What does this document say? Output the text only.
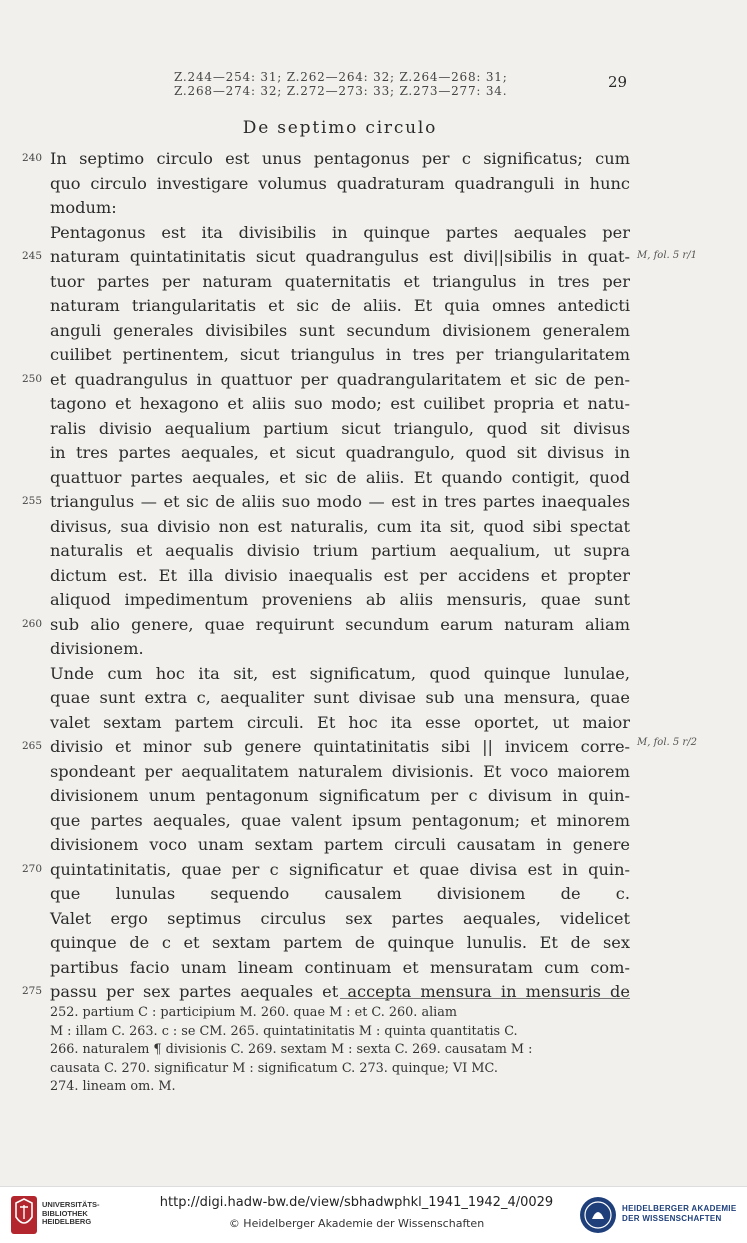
Z.244—254: 31; Z.262—264: 32; Z.264—268: 31;
Z.268—274: 32; Z.272—273: 33; Z.273—277: 34.	29
De septimo circulo
240 In septimo circulo est unus pentagonus per c significatus; cum
quo circulo investigare volumus quadraturam quadranguli in hunc
modum:
Pentagonus est ita divisibilis in quinque partes aequales per
245 naturam quintatinitatis sicut quadrangulus est divi||sibilis in quat-
tuor partes per naturam quaternitatis et triangulus in tres per
naturam triangularitatis et sic de aliis. Et quia omnes antedicti
anguli generales divisibiles sunt secundum divisionem generalem
cuilibet pertinentem, sicut triangulus in tres per triangularitatem
250 et quadrangulus in quattuor per quadrangularitatem et sic de pen-
tagono et hexagono et aliis suo modo; est cuilibet propria et natu-
ralis divisio aequalium partium sicut triangulo, quod sit divisus
in tres partes aequales, et sicut quadrangulo, quod sit divisus in
quattuor partes aequales, et sic de aliis. Et quando contigit, quod
255 triangulus — et sic de aliis suo modo — est in tres partes inaequales
divisus, sua divisio non est naturalis, cum ita sit, quod sibi spectat
naturalis et aequalis divisio trium partium aequalium, ut supra
dictum est. Et illa divisio inaequalis est per accidens et propter
aliquod impedimentum proveniens ab aliis mensuris, quae sunt
260 sub alio genere, quae requirunt secundum earum naturam aliam
divisionem.
Unde cum hoc ita sit, est significatum, quod quinque lunulae,
quae sunt extra c, aequaliter sunt divisae sub una mensura, quae
valet sextam partem circuli. Et hoc ita esse oportet, ut maior
265 divisio et minor sub genere quintatinitatis sibi || invicem corre-
spondeant per aequalitatem naturalem divisionis. Et voco maiorem
divisionem unum pentagonum significatum per c divisum in quin-
que partes aequales, quae valent ipsum pentagonum; et minorem
divisionem voco unam sextam partem circuli causatam in genere
270 quintatinitatis, quae per c significatur et quae divisa est in quin-
que lunulas sequendo causalem divisionem de c.
Valet ergo septimus circulus sex partes aequales, videlicet
quinque de c et sextam partem de quinque lunulis. Et de sex
partibus facio unam lineam continuam et mensuratam cum com-
275 passu per sex partes aequales et accepta mensura in mensuris de
M, fol. 5 r/1
M, fol. 5 r/2
252. partium C : participium M. 260. quae M : et C. 260. aliam
M : illam C. 263. c : se CM. 265. quintatinitatis M : quinta quantitatis C.
266. naturalem ¶ divisionis C. 269. sextam M : sexta C. 269. causatam M :
causata C. 270. significatur M : significatum C. 273. quinque; VI MC.
274. lineam om. M.
UNIVERSITÄTS-
BIBLIOTHEK
HEIDELBERG
http://digi.hadw-bw.de/view/sbhadwphkl_1941_1942_4/0029
© Heidelberger Akademie der Wissenschaften
HEIDELBERGER AKADEMIE
DER WISSENSCHAFTEN
